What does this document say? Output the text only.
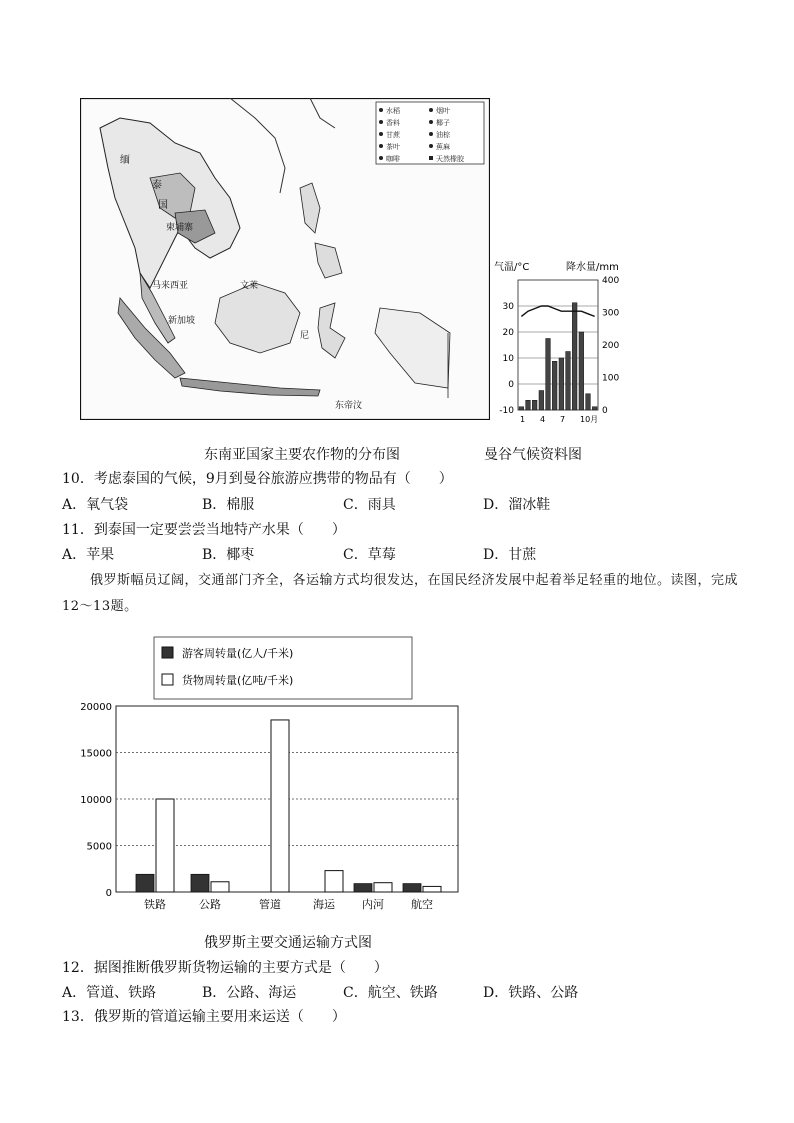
水稻
香料
甘蔗
茶叶
咖啡
烟叶
椰子
油棕
蕉麻
天然橡胶
缅
泰
国
柬埔寨
马来西亚
新加坡
文莱
东帝汶
尼
气温/°C	降水量/mm
30
20
10
0
-10
400
300
200
100
0
1 4 7 10月
东南亚国家主要农作物的分布图	曼谷气候资料图
10．考虑泰国的气候，9月到曼谷旅游应携带的物品有（　　）
A．氧气袋	B．棉服	C．雨具	D．溜冰鞋
11．到泰国一定要尝尝当地特产水果（　　）
A．苹果	B．椰枣	C．草莓	D．甘蔗
俄罗斯幅员辽阔，交通部门齐全，各运输方式均很发达，在国民经济发展中起着举足轻重的地位。读图，完成12～13题。
游客周转量(亿人/千米)
货物周转量(亿吨/千米)
20000
15000
10000
5000
0
铁路	公路	管道	海运 内河 航空
俄罗斯主要交通运输方式图
12．据图推断俄罗斯货物运输的主要方式是（　　）
A．管道、铁路	B．公路、海运	C．航空、铁路	D．铁路、公路
13．俄罗斯的管道运输主要用来运送（　　）
